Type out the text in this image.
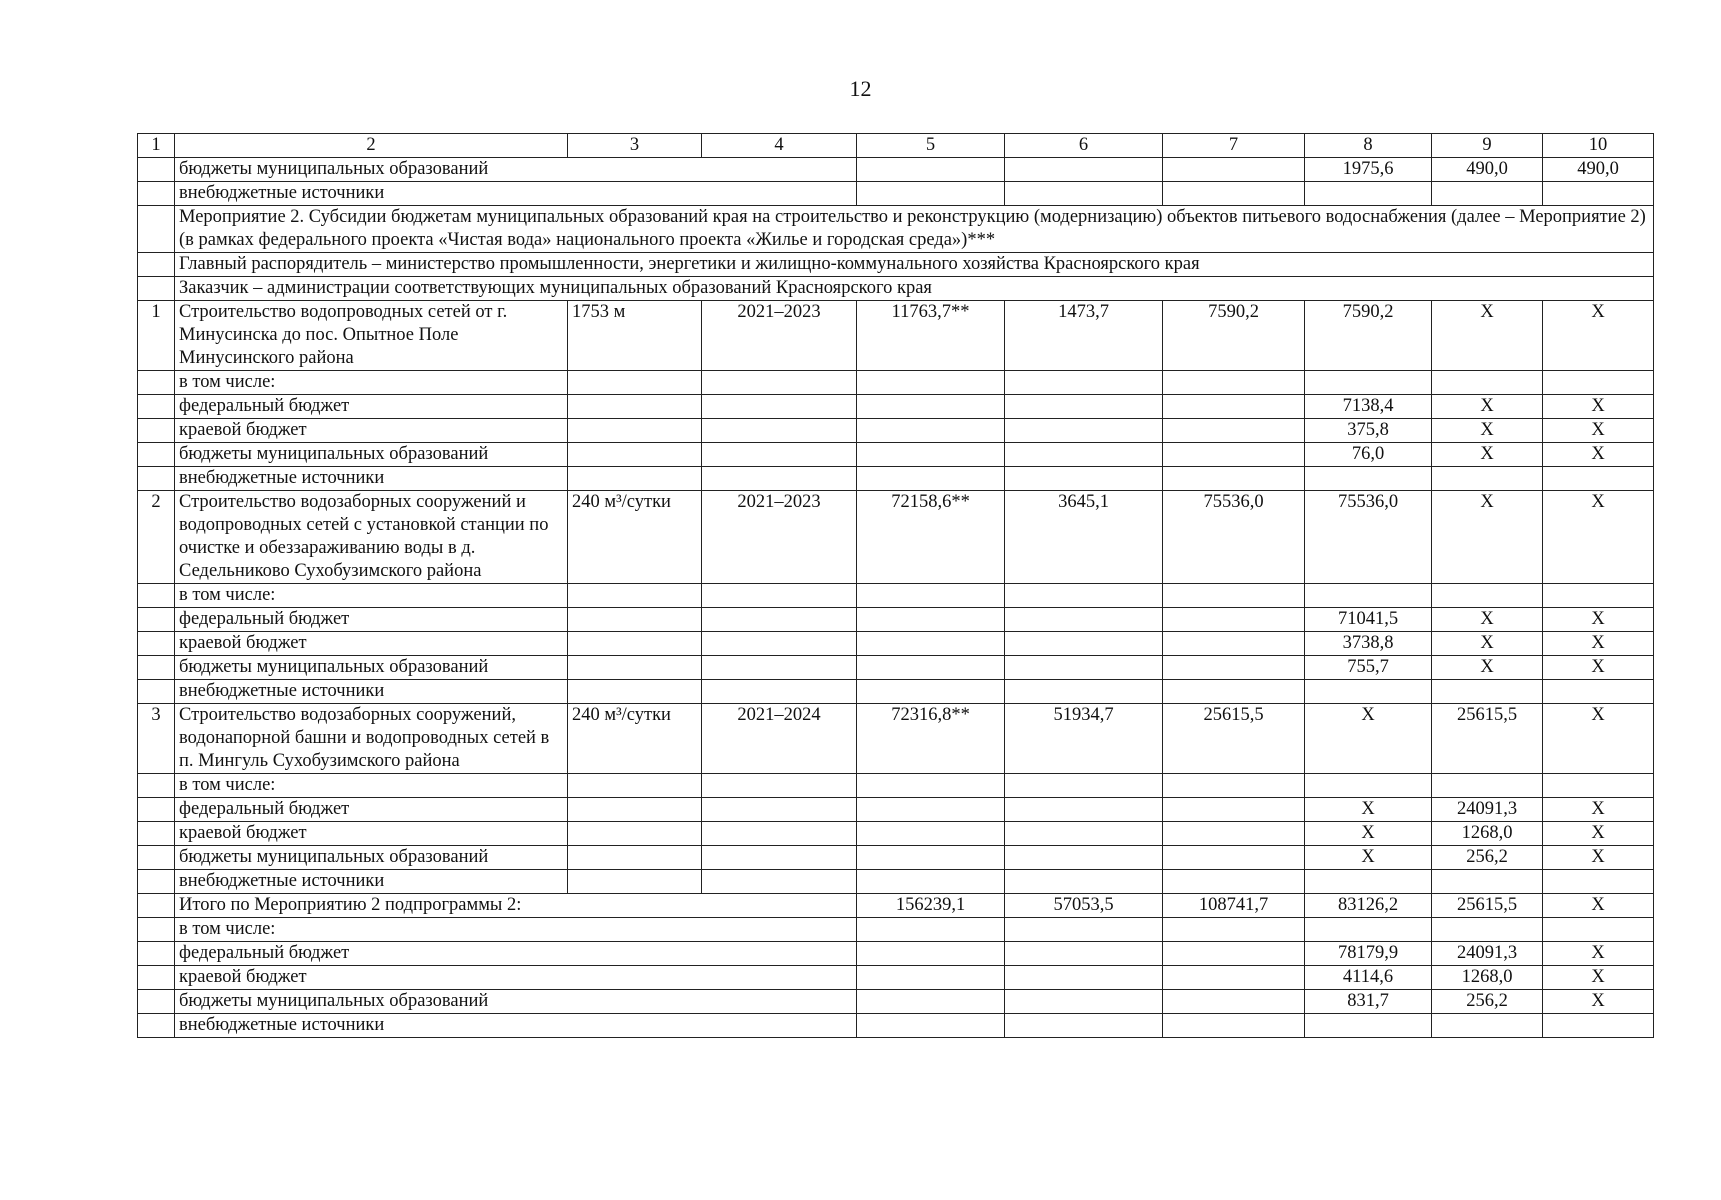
12
1	2	3	4	5	6	7	8	9	10
	бюджеты муниципальных образований						1975,6	490,0	490,0
	внебюджетные источники								
	Мероприятие 2. Субсидии бюджетам муниципальных образований края на строительство и реконструкцию (модернизацию) объектов питьевого водоснабжения (далее – Мероприятие 2) (в рамках федерального проекта «Чистая вода» национального проекта «Жилье и городская среда»)***								
	Главный распорядитель – министерство промышленности, энергетики и жилищно-коммунального хозяйства Красноярского края								
	Заказчик – администрации соответствующих муниципальных образований Красноярского края								
1	Строительство водопроводных сетей от г. Минусинска до пос. Опытное Поле Минусинского района	1753 м	2021–2023	11763,7**	1473,7	7590,2	7590,2	X	X
	в том числе:								
	федеральный бюджет						7138,4	X	X
	краевой бюджет						375,8	X	X
	бюджеты муниципальных образований						76,0	X	X
	внебюджетные источники								
2	Строительство водозаборных сооружений и водопроводных сетей с установкой станции по очистке и обеззараживанию воды в д. Седельниково Сухобузимского района	240 м³/сутки	2021–2023	72158,6**	3645,1	75536,0	75536,0	X	X
	в том числе:								
	федеральный бюджет						71041,5	X	X
	краевой бюджет						3738,8	X	X
	бюджеты муниципальных образований						755,7	X	X
	внебюджетные источники								
3	Строительство водозаборных сооружений, водонапорной башни и водопроводных сетей в п. Мингуль Сухобузимского района	240 м³/сутки	2021–2024	72316,8**	51934,7	25615,5	X	25615,5	X
	в том числе:								
	федеральный бюджет						X	24091,3	X
	краевой бюджет						X	1268,0	X
	бюджеты муниципальных образований						X	256,2	X
	внебюджетные источники								
	Итого по Мероприятию 2 подпрограммы 2:			156239,1	57053,5	108741,7	83126,2	25615,5	X
	в том числе:								
	федеральный бюджет						78179,9	24091,3	X
	краевой бюджет						4114,6	1268,0	X
	бюджеты муниципальных образований						831,7	256,2	X
	внебюджетные источники								
